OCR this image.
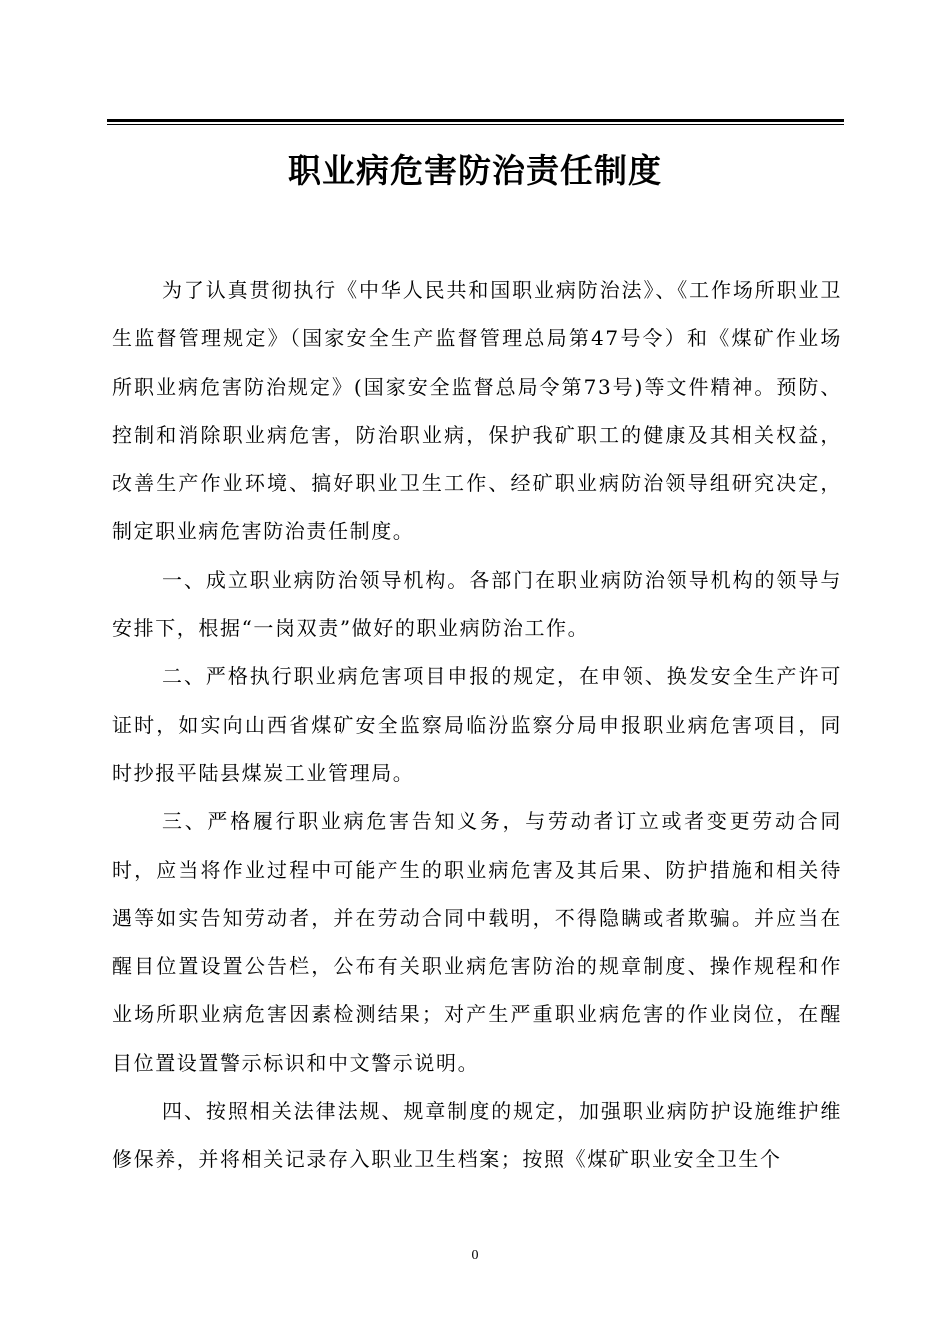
职业病危害防治责任制度

为了认真贯彻执行《中华人民共和国职业病防治法》、《工作场所职业卫生监督管理规定》（国家安全生产监督管理总局第47号令）和《煤矿作业场所职业病危害防治规定》(国家安全监督总局令第73号)等文件精神。预防、控制和消除职业病危害，防治职业病，保护我矿职工的健康及其相关权益，改善生产作业环境、搞好职业卫生工作、经矿职业病防治领导组研究决定，制定职业病危害防治责任制度。

一、成立职业病防治领导机构。各部门在职业病防治领导机构的领导与安排下，根据“一岗双责”做好的职业病防治工作。

二、严格执行职业病危害项目申报的规定，在申领、换发安全生产许可证时，如实向山西省煤矿安全监察局临汾监察分局申报职业病危害项目，同时抄报平陆县煤炭工业管理局。

三、严格履行职业病危害告知义务，与劳动者订立或者变更劳动合同时，应当将作业过程中可能产生的职业病危害及其后果、防护措施和相关待遇等如实告知劳动者，并在劳动合同中载明，不得隐瞒或者欺骗。并应当在醒目位置设置公告栏，公布有关职业病危害防治的规章制度、操作规程和作业场所职业病危害因素检测结果；对产生严重职业病危害的作业岗位，在醒目位置设置警示标识和中文警示说明。

四、按照相关法律法规、规章制度的规定，加强职业病防护设施维护维修保养，并将相关记录存入职业卫生档案；按照《煤矿职业安全卫生个

0
